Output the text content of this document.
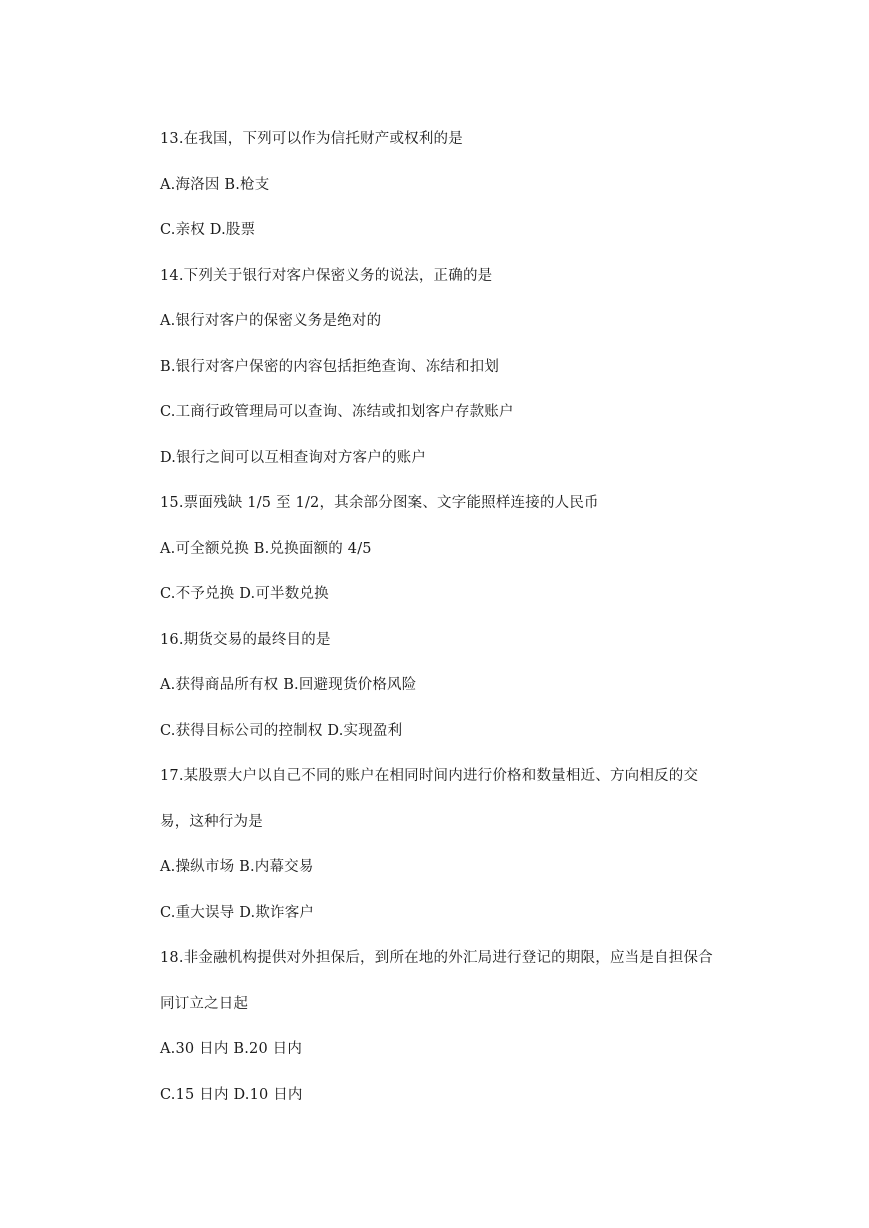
13.在我国，下列可以作为信托财产或权利的是

A.海洛因 B.枪支

C.亲权 D.股票

14.下列关于银行对客户保密义务的说法，正确的是

A.银行对客户的保密义务是绝对的

B.银行对客户保密的内容包括拒绝查询、冻结和扣划

C.工商行政管理局可以查询、冻结或扣划客户存款账户

D.银行之间可以互相查询对方客户的账户

15.票面残缺 1/5 至 1/2，其余部分图案、文字能照样连接的人民币

A.可全额兑换 B.兑换面额的 4/5

C.不予兑换 D.可半数兑换

16.期货交易的最终目的是

A.获得商品所有权 B.回避现货价格风险

C.获得目标公司的控制权 D.实现盈利

17.某股票大户以自己不同的账户在相同时间内进行价格和数量相近、方向相反的交

易，这种行为是

A.操纵市场 B.内幕交易

C.重大误导 D.欺诈客户

18.非金融机构提供对外担保后，到所在地的外汇局进行登记的期限，应当是自担保合

同订立之日起

A.30 日内 B.20 日内

C.15 日内 D.10 日内
